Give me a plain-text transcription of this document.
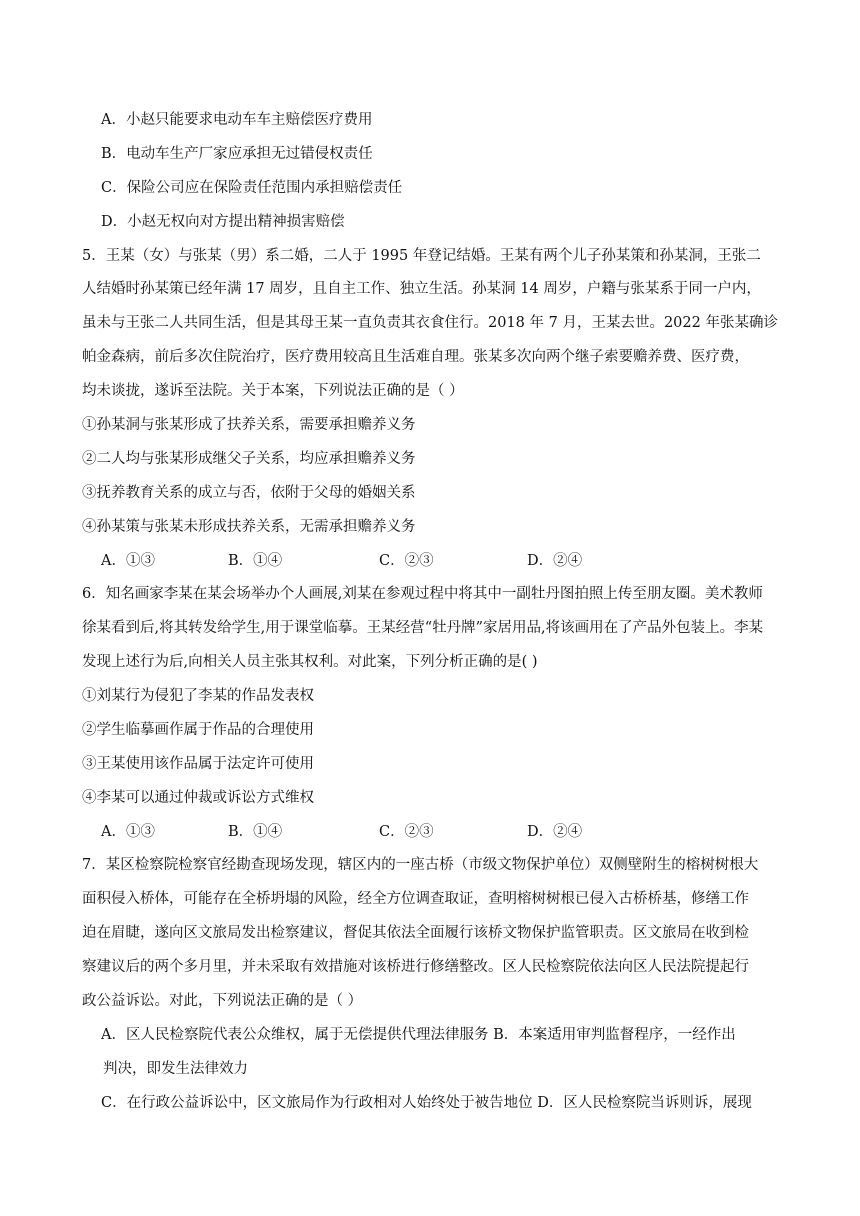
A．小赵只能要求电动车车主赔偿医疗费用
B．电动车生产厂家应承担无过错侵权责任
C．保险公司应在保险责任范围内承担赔偿责任
D．小赵无权向对方提出精神损害赔偿
5．王某（女）与张某（男）系二婚，二人于 1995 年登记结婚。王某有两个儿子孙某策和孙某洞，王张二
人结婚时孙某策已经年满 17 周岁，且自主工作、独立生活。孙某洞 14 周岁，户籍与张某系于同一户内，
虽未与王张二人共同生活，但是其母王某一直负责其衣食住行。2018 年 7 月，王某去世。2022 年张某确诊
帕金森病，前后多次住院治疗，医疗费用较高且生活难自理。张某多次向两个继子索要赡养费、医疗费，
均未谈拢，遂诉至法院。关于本案，下列说法正确的是（ ）
①孙某洞与张某形成了扶养关系，需要承担赡养义务
②二人均与张某形成继父子关系，均应承担赡养义务
③抚养教育关系的成立与否，依附于父母的婚姻关系
④孙某策与张某未形成扶养关系，无需承担赡养义务
A．①③	B．①④	C．②③	D．②④
6．知名画家李某在某会场举办个人画展,刘某在参观过程中将其中一副牡丹图拍照上传至朋友圈。美术教师
徐某看到后,将其转发给学生,用于课堂临摹。王某经营“牡丹牌”家居用品,将该画用在了产品外包装上。李某
发现上述行为后,向相关人员主张其权利。对此案，下列分析正确的是( )
①刘某行为侵犯了李某的作品发表权
②学生临摹画作属于作品的合理使用
③王某使用该作品属于法定许可使用
④李某可以通过仲裁或诉讼方式维权
A．①③	B．①④	C．②③	D．②④
7．某区检察院检察官经勘查现场发现，辖区内的一座古桥（市级文物保护单位）双侧壁附生的榕树树根大
面积侵入桥体，可能存在全桥坍塌的风险，经全方位调查取证，查明榕树树根已侵入古桥桥基，修缮工作
迫在眉睫，遂向区文旅局发出检察建议，督促其依法全面履行该桥文物保护监管职责。区文旅局在收到检
察建议后的两个多月里，并未采取有效措施对该桥进行修缮整改。区人民检察院依法向区人民法院提起行
政公益诉讼。对此，下列说法正确的是（ ）
A．区人民检察院代表公众维权，属于无偿提供代理法律服务 B．本案适用审判监督程序，一经作出
判决，即发生法律效力
C．在行政公益诉讼中，区文旅局作为行政相对人始终处于被告地位 D．区人民检察院当诉则诉，展现
